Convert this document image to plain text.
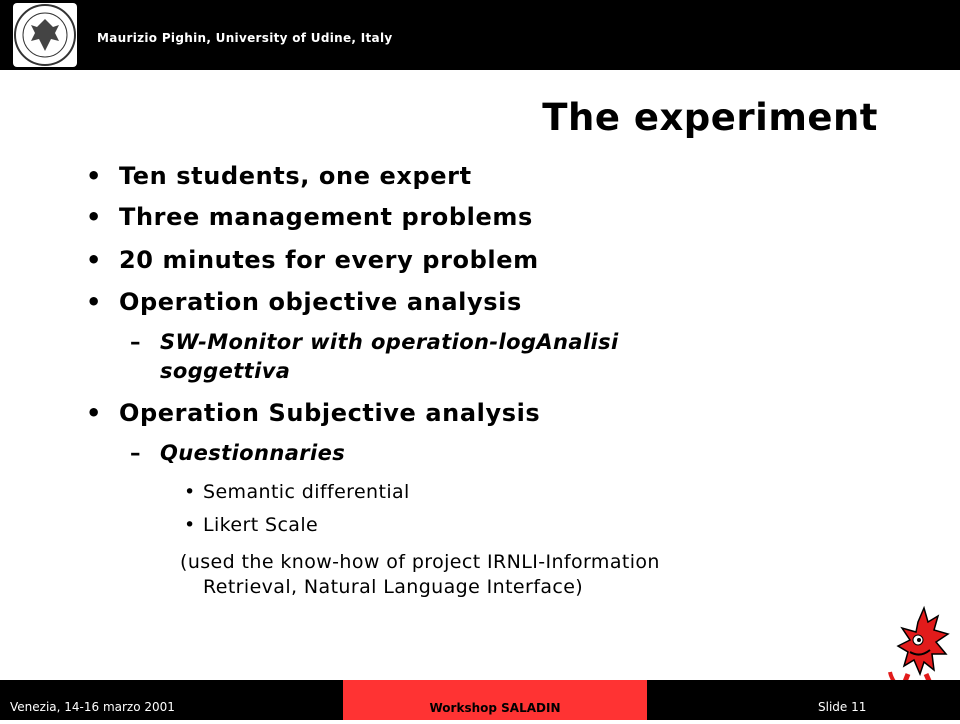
Maurizio Pighin, University of Udine, Italy
The experiment
• Ten students, one expert
• Three management problems
• 20 minutes for every problem
• Operation objective analysis
– SW-Monitor with operation-logAnalisi
soggettiva
• Operation Subjective analysis
– Questionnaries
• Semantic differential
• Likert Scale
(used the know-how of project IRNLI-Information
Retrieval, Natural Language Interface)
Venezia, 14-16 marzo 2001	Workshop SALADIN	Slide 11
